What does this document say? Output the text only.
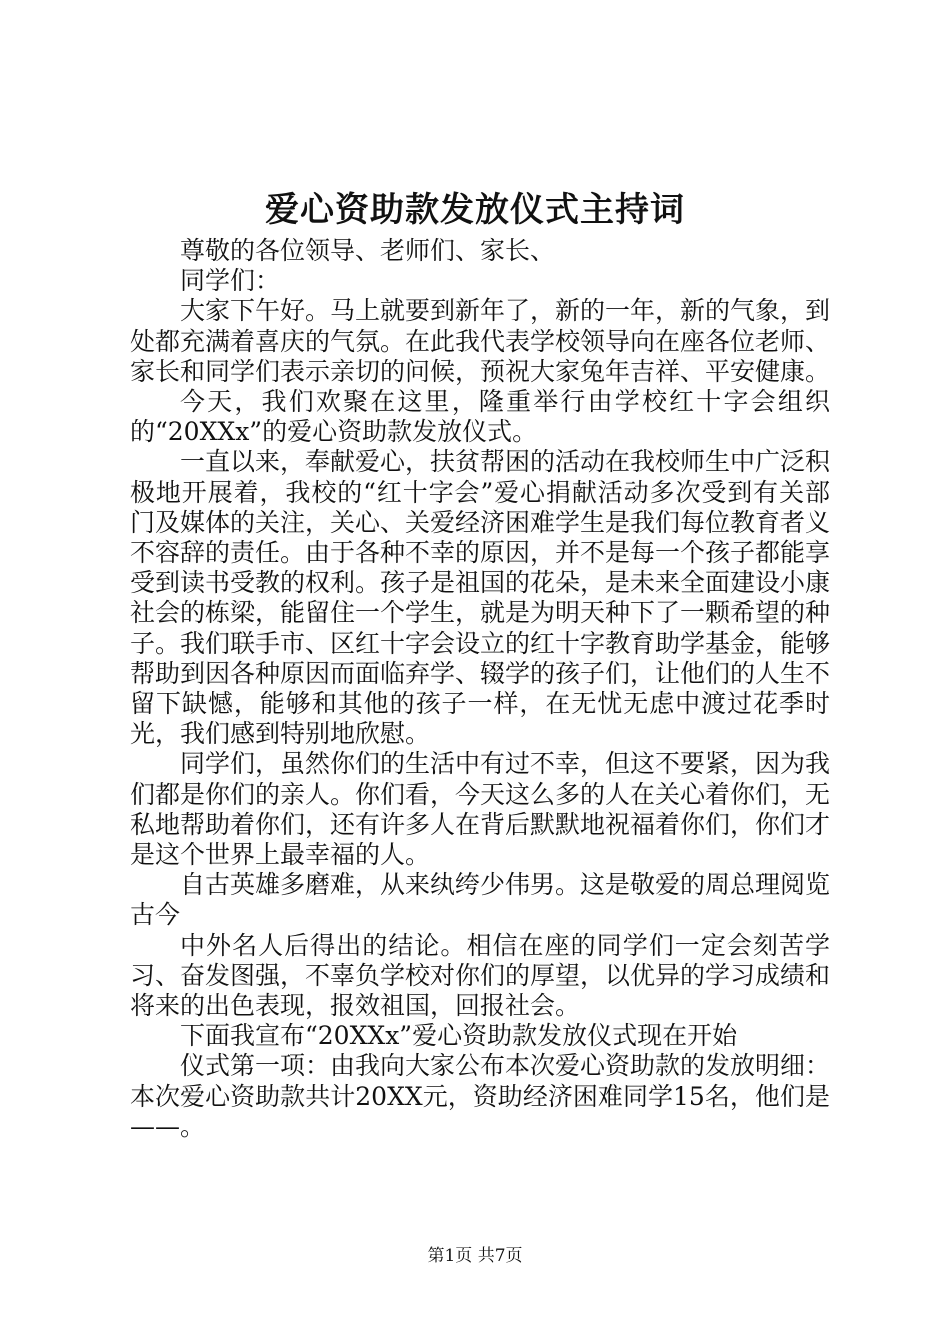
爱心资助款发放仪式主持词

尊敬的各位领导、老师们、家长、

同学们：

大家下午好。马上就要到新年了，新的一年，新的气象，到处都充满着喜庆的气氛。在此我代表学校领导向在座各位老师、家长和同学们表示亲切的问候，预祝大家兔年吉祥、平安健康。

今天，我们欢聚在这里，隆重举行由学校红十字会组织的“20XXx”的爱心资助款发放仪式。

一直以来，奉献爱心，扶贫帮困的活动在我校师生中广泛积极地开展着，我校的“红十字会”爱心捐献活动多次受到有关部门及媒体的关注，关心、关爱经济困难学生是我们每位教育者义不容辞的责任。由于各种不幸的原因，并不是每一个孩子都能享受到读书受教的权利。孩子是祖国的花朵，是未来全面建设小康社会的栋梁，能留住一个学生，就是为明天种下了一颗希望的种子。我们联手市、区红十字会设立的红十字教育助学基金，能够帮助到因各种原因而面临弃学、辍学的孩子们，让他们的人生不留下缺憾，能够和其他的孩子一样，在无忧无虑中渡过花季时光，我们感到特别地欣慰。

同学们，虽然你们的生活中有过不幸，但这不要紧，因为我们都是你们的亲人。你们看，今天这么多的人在关心着你们，无私地帮助着你们，还有许多人在背后默默地祝福着你们，你们才是这个世界上最幸福的人。

自古英雄多磨难，从来纨绔少伟男。这是敬爱的周总理阅览古今

中外名人后得出的结论。相信在座的同学们一定会刻苦学习、奋发图强，不辜负学校对你们的厚望，以优异的学习成绩和将来的出色表现，报效祖国，回报社会。

下面我宣布“20XXx”爱心资助款发放仪式现在开始

仪式第一项：由我向大家公布本次爱心资助款的发放明细：本次爱心资助款共计20XX元，资助经济困难同学15名，他们是——。

第1页 共7页
